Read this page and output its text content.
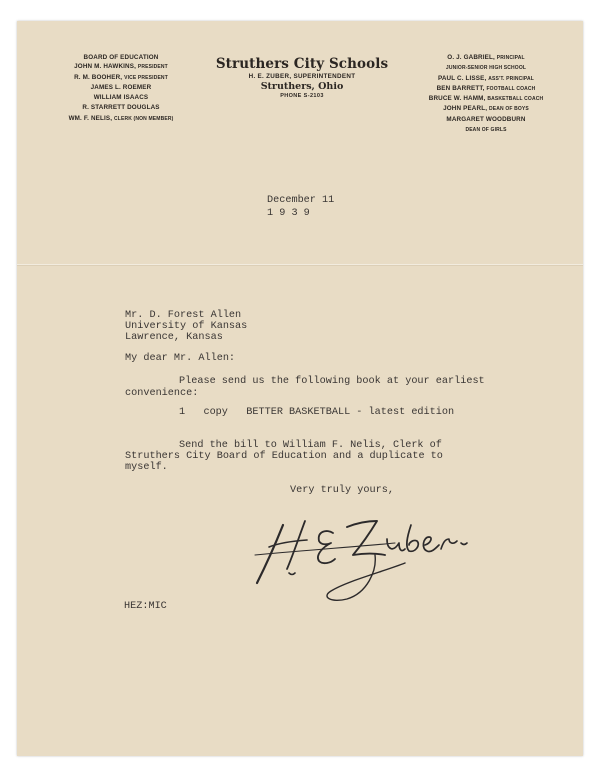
BOARD OF EDUCATION
JOHN M. HAWKINS, PRESIDENT
R. M. BOOHER, VICE PRESIDENT
JAMES L. ROEMER
WILLIAM ISAACS
R. STARRETT DOUGLAS
WM. F. NELIS, CLERK (NON MEMBER)
Struthers City Schools
H. E. ZUBER, SUPERINTENDENT
Struthers, Ohio
PHONE S-2103
O. J. GABRIEL, PRINCIPAL
JUNIOR-SENIOR HIGH SCHOOL
PAUL C. LISSE, ASS'T. PRINCIPAL
BEN BARRETT, FOOTBALL COACH
BRUCE W. HAMM, BASKETBALL COACH
JOHN PEARL, DEAN OF BOYS
MARGARET WOODBURN
DEAN OF GIRLS
December 11
1 9 3 9
Mr. D. Forest Allen
University of Kansas
Lawrence, Kansas
My dear Mr. Allen:
Please send us the following book at your earliest
convenience:
1   copy   BETTER BASKETBALL - latest edition
Send the bill to William F. Nelis, Clerk of
Struthers City Board of Education and a duplicate to
myself.
Very truly yours,
HEZ:MIC
